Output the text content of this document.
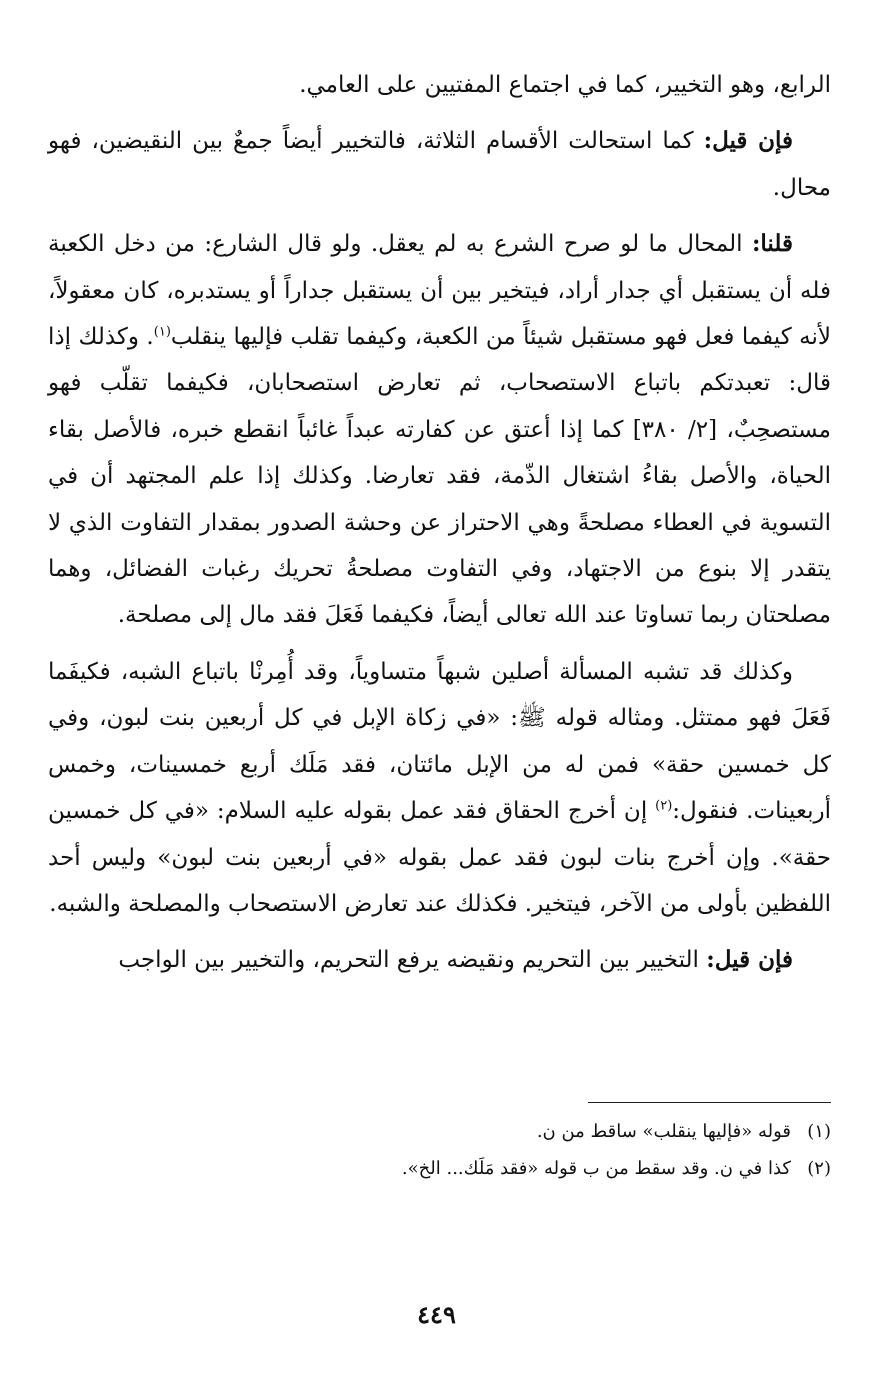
الرابع، وهو التخيير، كما في اجتماع المفتيين على العامي.

فإن قيل: كما استحالت الأقسام الثلاثة، فالتخيير أيضاً جمعٌ بين النقيضين، فهو محال.

قلنا: المحال ما لو صرح الشرع به لم يعقل. ولو قال الشارع: من دخل الكعبة فله أن يستقبل أي جدار أراد، فيتخير بين أن يستقبل جداراً أو يستدبره، كان معقولاً، لأنه كيفما فعل فهو مستقبل شيئاً من الكعبة، وكيفما تقلب فإليها ينقلب$^{(١)}$. وكذلك إذا قال: تعبدتكم باتباع الاستصحاب، ثم تعارض استصحابان، فكيفما تقلّب فهو مستصحِبٌ، [٢/ ٣٨٠] كما إذا أعتق عن كفارته عبداً غائباً انقطع خبره، فالأصل بقاء الحياة، والأصل بقاءُ اشتغال الذّمة، فقد تعارضا. وكذلك إذا علم المجتهد أن في التسوية في العطاء مصلحةً وهي الاحتراز عن وحشة الصدور بمقدار التفاوت الذي لا يتقدر إلا بنوع من الاجتهاد، وفي التفاوت مصلحةُ تحريك رغبات الفضائل، وهما مصلحتان ربما تساوتا عند الله تعالى أيضاً، فكيفما فَعَلَ فقد مال إلى مصلحة.

وكذلك قد تشبه المسألة أصلين شبهاً متساوياً، وقد أُمِرنْا باتباع الشبه، فكيفَما فَعَلَ فهو ممتثل. ومثاله قوله ﷺ: «في زكاة الإبل في كل أربعين بنت لبون، وفي كل خمسين حقة» فمن له من الإبل مائتان، فقد مَلَك أربع خمسينات، وخمس أربعينات. فنقول:$^{(٢)}$ إن أخرج الحقاق فقد عمل بقوله عليه السلام: «في كل خمسين حقة». وإن أخرج بنات لبون فقد عمل بقوله «في أربعين بنت لبون» وليس أحد اللفظين بأولى من الآخر، فيتخير. فكذلك عند تعارض الاستصحاب والمصلحة والشبه.

فإن قيل: التخيير بين التحريم ونقيضه يرفع التحريم، والتخيير بين الواجب

(١)قوله «فإليها ينقلب» ساقط من ن.

(٢)كذا في ن. وقد سقط من ب قوله «فقد مَلَك... الخ».

٤٤٩
